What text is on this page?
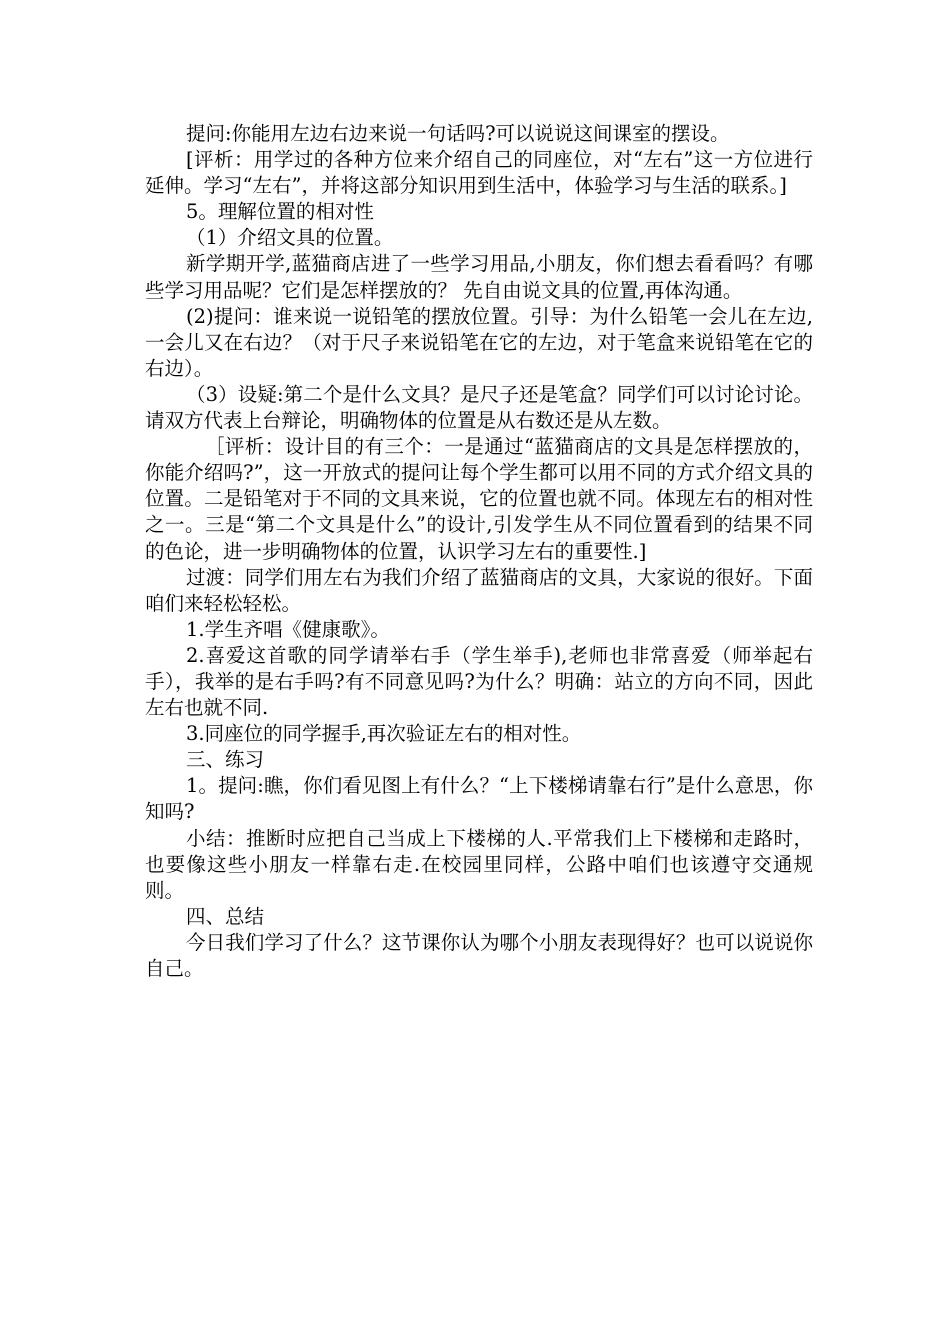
提问:你能用左边右边来说一句话吗?可以说说这间课室的摆设。

[评析：用学过的各种方位来介绍自己的同座位，对“左右”这一方位进行延伸。学习“左右”，并将这部分知识用到生活中，体验学习与生活的联系。]

5。理解位置的相对性

（1）介绍文具的位置。

新学期开学,蓝猫商店进了一些学习用品,小朋友，你们想去看看吗？有哪些学习用品呢？它们是怎样摆放的？ 先自由说文具的位置,再体沟通。

(2)提问：谁来说一说铅笔的摆放位置。引导：为什么铅笔一会儿在左边,一会儿又在右边？（对于尺子来说铅笔在它的左边，对于笔盒来说铅笔在它的右边）。

（3）设疑:第二个是什么文具？是尺子还是笔盒？同学们可以讨论讨论。请双方代表上台辩论，明确物体的位置是从右数还是从左数。

［评析：设计目的有三个：一是通过“蓝猫商店的文具是怎样摆放的，你能介绍吗?”，这一开放式的提问让每个学生都可以用不同的方式介绍文具的位置。二是铅笔对于不同的文具来说，它的位置也就不同。体现左右的相对性之一。三是“第二个文具是什么”的设计,引发学生从不同位置看到的结果不同的色论，进一步明确物体的位置，认识学习左右的重要性.]

过渡：同学们用左右为我们介绍了蓝猫商店的文具，大家说的很好。下面咱们来轻松轻松。

1.学生齐唱《健康歌》。

2.喜爱这首歌的同学请举右手（学生举手),老师也非常喜爱（师举起右手），我举的是右手吗?有不同意见吗?为什么？明确：站立的方向不同，因此左右也就不同.

3.同座位的同学握手,再次验证左右的相对性。

三、练习

1。提问:瞧，你们看见图上有什么？“上下楼梯请靠右行”是什么意思，你知吗?

小结：推断时应把自己当成上下楼梯的人.平常我们上下楼梯和走路时，也要像这些小朋友一样靠右走.在校园里同样，公路中咱们也该遵守交通规则。

四、总结

今日我们学习了什么？这节课你认为哪个小朋友表现得好？也可以说说你自己。
